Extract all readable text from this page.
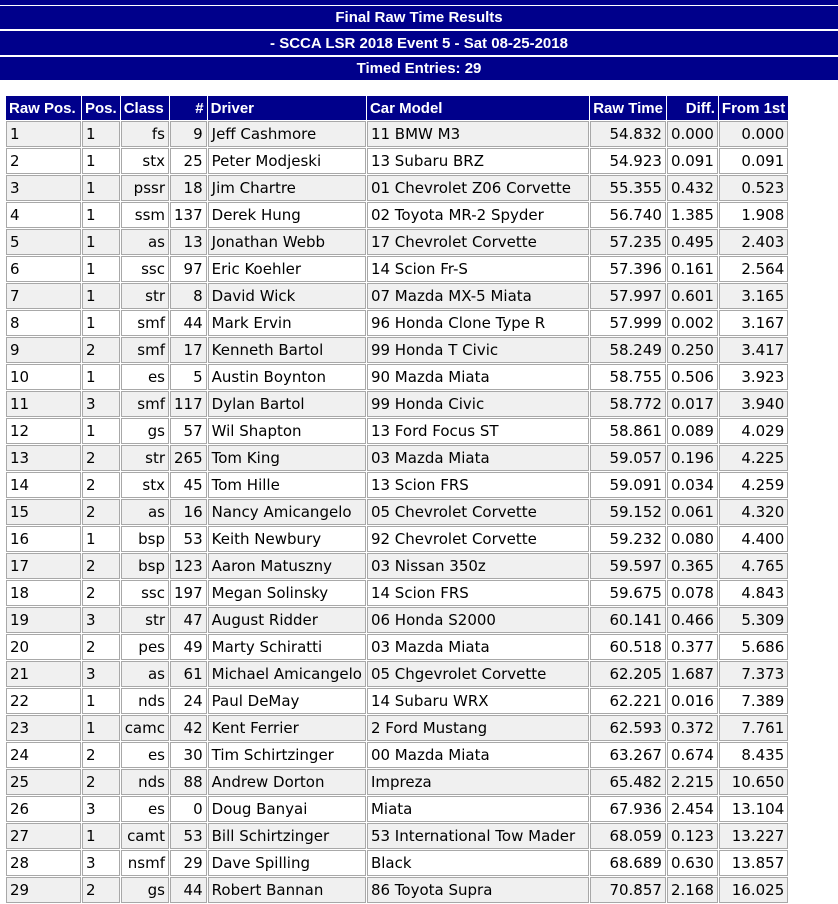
Final Raw Time Results
- SCCA LSR 2018 Event 5 - Sat 08-25-2018
Timed Entries: 29
Raw Pos.	Pos.	Class	#	Driver	Car Model	Raw Time	Diff.	From 1st
1	1	fs	9	Jeff Cashmore	11 BMW M3	54.832	0.000	0.000
2	1	stx	25	Peter Modjeski	13 Subaru BRZ	54.923	0.091	0.091
3	1	pssr	18	Jim Chartre	01 Chevrolet Z06 Corvette	55.355	0.432	0.523
4	1	ssm	137	Derek Hung	02 Toyota MR-2 Spyder	56.740	1.385	1.908
5	1	as	13	Jonathan Webb	17 Chevrolet Corvette	57.235	0.495	2.403
6	1	ssc	97	Eric Koehler	14 Scion Fr-S	57.396	0.161	2.564
7	1	str	8	David Wick	07 Mazda MX-5 Miata	57.997	0.601	3.165
8	1	smf	44	Mark Ervin	96 Honda Clone Type R	57.999	0.002	3.167
9	2	smf	17	Kenneth Bartol	99 Honda T Civic	58.249	0.250	3.417
10	1	es	5	Austin Boynton	90 Mazda Miata	58.755	0.506	3.923
11	3	smf	117	Dylan Bartol	99 Honda Civic	58.772	0.017	3.940
12	1	gs	57	Wil Shapton	13 Ford Focus ST	58.861	0.089	4.029
13	2	str	265	Tom King	03 Mazda Miata	59.057	0.196	4.225
14	2	stx	45	Tom Hille	13 Scion FRS	59.091	0.034	4.259
15	2	as	16	Nancy Amicangelo	05 Chevrolet Corvette	59.152	0.061	4.320
16	1	bsp	53	Keith Newbury	92 Chevrolet Corvette	59.232	0.080	4.400
17	2	bsp	123	Aaron Matuszny	03 Nissan 350z	59.597	0.365	4.765
18	2	ssc	197	Megan Solinsky	14 Scion FRS	59.675	0.078	4.843
19	3	str	47	August Ridder	06 Honda S2000	60.141	0.466	5.309
20	2	pes	49	Marty Schiratti	03 Mazda Miata	60.518	0.377	5.686
21	3	as	61	Michael Amicangelo	05 Chgevrolet Corvette	62.205	1.687	7.373
22	1	nds	24	Paul DeMay	14 Subaru WRX	62.221	0.016	7.389
23	1	camc	42	Kent Ferrier	2 Ford Mustang	62.593	0.372	7.761
24	2	es	30	Tim Schirtzinger	00 Mazda Miata	63.267	0.674	8.435
25	2	nds	88	Andrew Dorton	Impreza	65.482	2.215	10.650
26	3	es	0	Doug Banyai	Miata	67.936	2.454	13.104
27	1	camt	53	Bill Schirtzinger	53 International Tow Mader	68.059	0.123	13.227
28	3	nsmf	29	Dave Spilling	Black	68.689	0.630	13.857
29	2	gs	44	Robert Bannan	86 Toyota Supra	70.857	2.168	16.025
